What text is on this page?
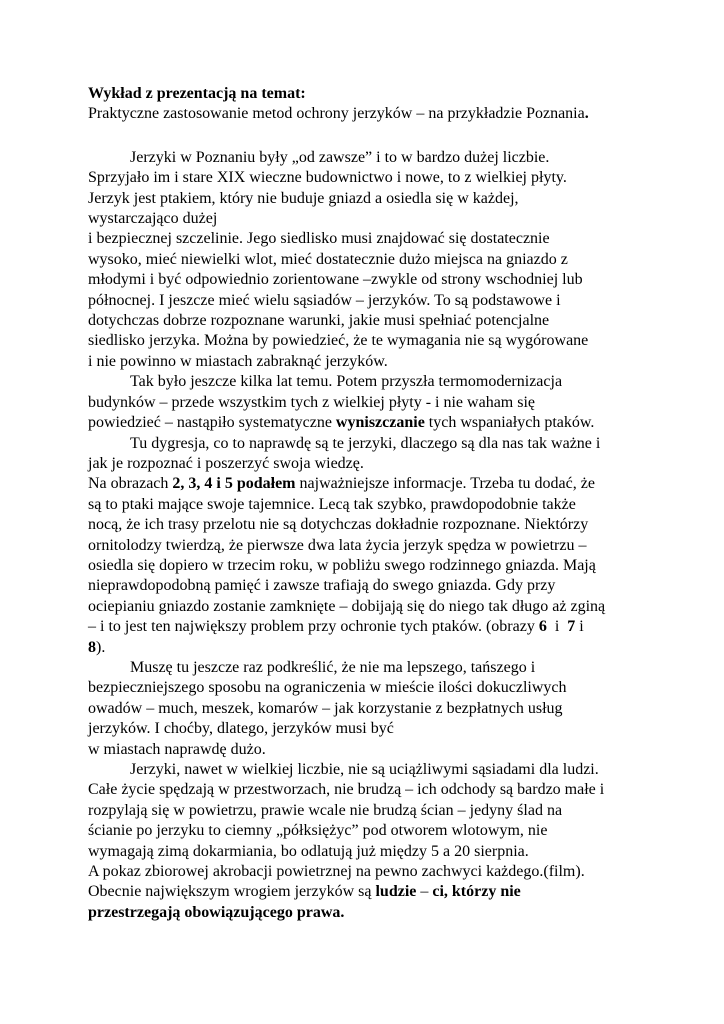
Wykład z prezentacją na temat:

Praktyczne zastosowanie metod ochrony jerzyków – na przykładzie Poznania.

Jerzyki w Poznaniu były „od zawsze” i to w bardzo dużej liczbie.
Sprzyjało im i stare XIX wieczne budownictwo i nowe, to z wielkiej płyty.

Jerzyk jest ptakiem, który nie buduje gniazd a osiedla się w każdej,
wystarczająco dużej
i bezpiecznej szczelinie. Jego siedlisko musi znajdować się dostatecznie
wysoko, mieć niewielki wlot, mieć dostatecznie dużo miejsca na gniazdo z
młodymi i być odpowiednio zorientowane –zwykle od strony wschodniej lub
północnej. I jeszcze mieć wielu sąsiadów – jerzyków. To są podstawowe i
dotychczas dobrze rozpoznane warunki, jakie musi spełniać potencjalne
siedlisko jerzyka. Można by powiedzieć, że te wymagania nie są wygórowane
i nie powinno w miastach zabraknąć jerzyków.

Tak było jeszcze kilka lat temu. Potem przyszła termomodernizacja

budynków – przede wszystkim tych z wielkiej płyty - i nie waham się
powiedzieć – nastąpiło systematyczne wyniszczanie tych wspaniałych ptaków.

Tu dygresja, co to naprawdę są te jerzyki, dlaczego są dla nas tak ważne i

jak je rozpoznać i poszerzyć swoja wiedzę.

Na obrazach 2, 3, 4 i 5 podałem najważniejsze informacje. Trzeba tu dodać, że
są to ptaki mające swoje tajemnice. Lecą tak szybko, prawdopodobnie także
nocą, że ich trasy przelotu nie są dotychczas dokładnie rozpoznane. Niektórzy
ornitolodzy twierdzą, że pierwsze dwa lata życia jerzyk spędza w powietrzu –
osiedla się dopiero w trzecim roku, w pobliżu swego rodzinnego gniazda. Mają
nieprawdopodobną pamięć i zawsze trafiają do swego gniazda. Gdy przy
ociepianiu gniazdo zostanie zamknięte – dobijają się do niego tak długo aż zginą
– i to jest ten największy problem przy ochronie tych ptaków. (obrazy 6  i  7 i
8).

Muszę tu jeszcze raz podkreślić, że nie ma lepszego, tańszego i

bezpieczniejszego sposobu na ograniczenia w mieście ilości dokuczliwych
owadów – much, meszek, komarów – jak korzystanie z bezpłatnych usług
jerzyków. I choćby, dlatego, jerzyków musi być
w miastach naprawdę dużo.

Jerzyki, nawet w wielkiej liczbie, nie są uciążliwymi sąsiadami dla ludzi.

Całe życie spędzają w przestworzach, nie brudzą – ich odchody są bardzo małe i
rozpylają się w powietrzu, prawie wcale nie brudzą ścian – jedyny ślad na
ścianie po jerzyku to ciemny „półksiężyc” pod otworem wlotowym, nie
wymagają zimą dokarmiania, bo odlatują już między 5 a 20 sierpnia.
A pokaz zbiorowej akrobacji powietrznej na pewno zachwyci każdego.(film).
Obecnie największym wrogiem jerzyków są ludzie – ci, którzy nie
przestrzegają obowiązującego prawa.
